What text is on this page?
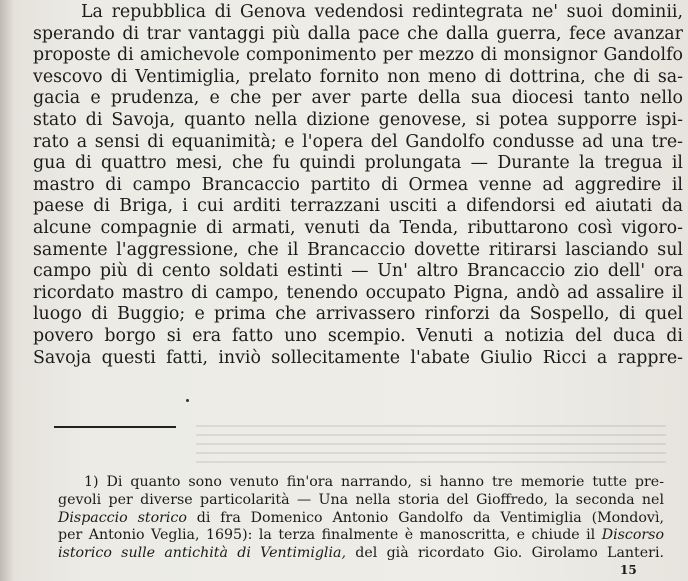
La repubblica di Genova vedendosi redintegrata ne' suoi dominii,
sperando di trar vantaggi più dalla pace che dalla guerra, fece avanzar
proposte di amichevole componimento per mezzo di monsignor Gandolfo
vescovo di Ventimiglia, prelato fornito non meno di dottrina, che di sa-
gacia e prudenza, e che per aver parte della sua diocesi tanto nello
stato di Savoja, quanto nella dizione genovese, si potea supporre ispi-
rato a sensi di equanimità; e l'opera del Gandolfo condusse ad una tre-
gua di quattro mesi, che fu quindi prolungata — Durante la tregua il
mastro di campo Brancaccio partito di Ormea venne ad aggredire il
paese di Briga, i cui arditi terrazzani usciti a difendorsi ed aiutati da
alcune compagnie di armati, venuti da Tenda, ributtarono così vigoro-
samente l'aggressione, che il Brancaccio dovette ritirarsi lasciando sul
campo più di cento soldati estinti — Un' altro Brancaccio zio dell' ora
ricordato mastro di campo, tenendo occupato Pigna, andò ad assalire il
luogo di Buggio; e prima che arrivassero rinforzi da Sospello, di quel
povero borgo si era fatto uno scempio. Venuti a notizia del duca di
Savoja questi fatti, inviò sollecitamente l'abate Giulio Ricci a rappre-
1) Di quanto sono venuto fin'ora narrando, si hanno tre memorie tutte pre-
gevoli per diverse particolarità — Una nella storia del Gioffredo, la seconda nel
Dispaccio storico di fra Domenico Antonio Gandolfo da Ventimiglia (Mondovì,
per Antonio Veglia, 1695): la terza finalmente è manoscritta, e chiude il Discorso
istorico sulle antichità di Ventimiglia, del già ricordato Gio. Girolamo Lanteri.
15
